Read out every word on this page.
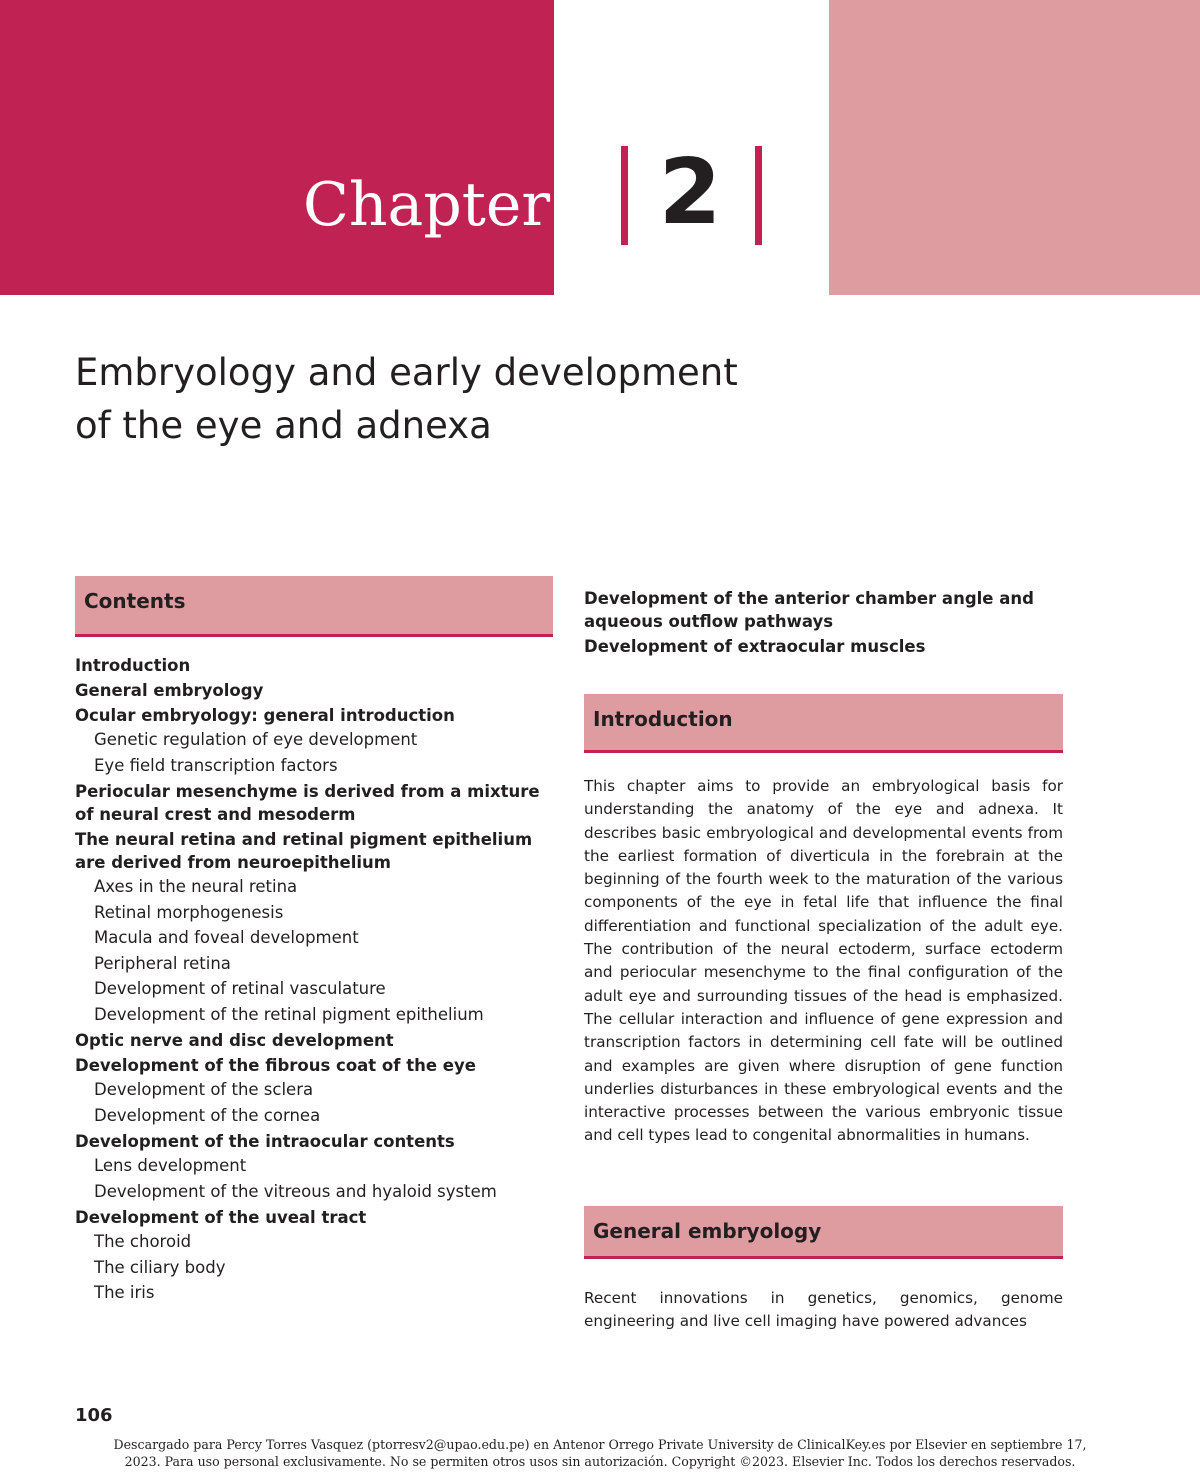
Chapter 2
Embryology and early development
of the eye and adnexa
Contents
Introduction
General embryology
Ocular embryology: general introduction
Genetic regulation of eye development
Eye field transcription factors
Periocular mesenchyme is derived from a mixture of neural crest and mesoderm
The neural retina and retinal pigment epithelium are derived from neuroepithelium
Axes in the neural retina
Retinal morphogenesis
Macula and foveal development
Peripheral retina
Development of retinal vasculature
Development of the retinal pigment epithelium
Optic nerve and disc development
Development of the fibrous coat of the eye
Development of the sclera
Development of the cornea
Development of the intraocular contents
Lens development
Development of the vitreous and hyaloid system
Development of the uveal tract
The choroid
The ciliary body
The iris
Development of the anterior chamber angle and aqueous outflow pathways
Development of extraocular muscles
Introduction

This chapter aims to provide an embryological basis for understanding the anatomy of the eye and adnexa. It describes basic embryological and developmental events from the earliest formation of diverticula in the forebrain at the beginning of the fourth week to the maturation of the various components of the eye in fetal life that influence the final differentiation and functional specialization of the adult eye. The contribution of the neural ectoderm, surface ectoderm and periocular mesenchyme to the final configuration of the adult eye and surrounding tissues of the head is emphasized. The cellular interaction and influence of gene expression and transcription factors in determining cell fate will be outlined and examples are given where disruption of gene function underlies disturbances in these embryological events and the interactive processes between the various embryonic tissue and cell types lead to congenital abnormalities in humans.

General embryology

Recent innovations in genetics, genomics, genome engineering and live cell imaging have powered advances

106

Descargado para Percy Torres Vasquez (ptorresv2@upao.edu.pe) en Antenor Orrego Private University de ClinicalKey.es por Elsevier en septiembre 17,
2023. Para uso personal exclusivamente. No se permiten otros usos sin autorización. Copyright ©2023. Elsevier Inc. Todos los derechos reservados.
